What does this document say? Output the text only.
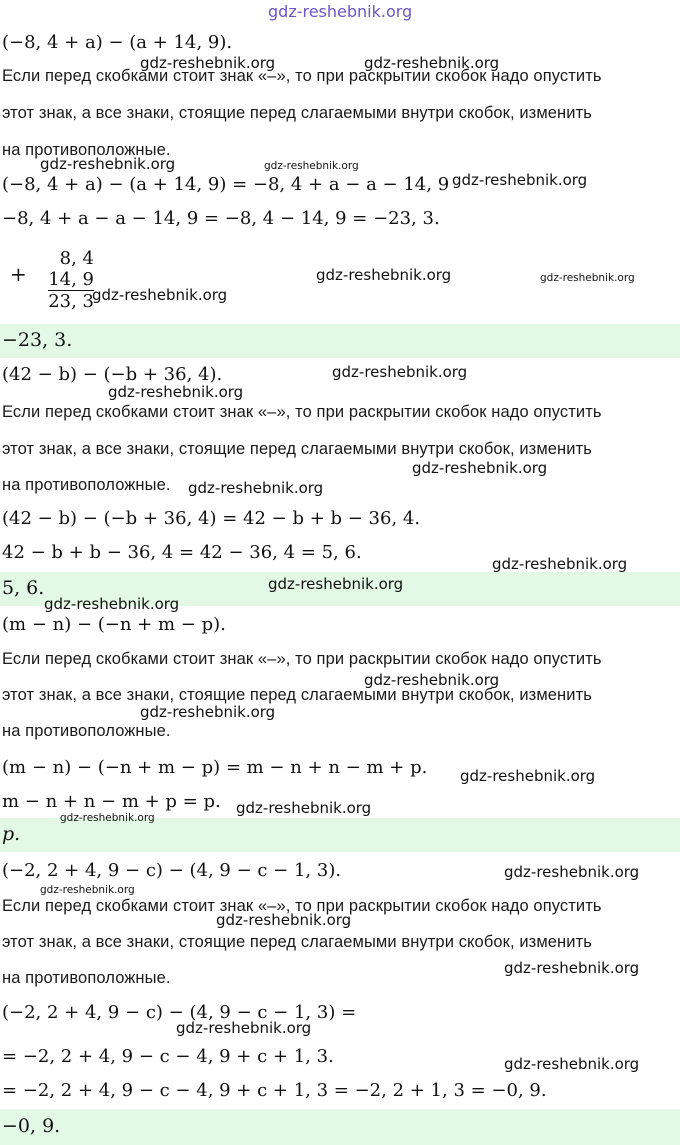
gdz-reshebnik.org
(−8, 4 + a) − (a + 14, 9).
Если перед скобками стоит знак «–», то при раскрытии скобок надо опустить
этот знак, а все знаки, стоящие перед слагаемыми внутри скобок, изменить
на противоположные.
(−8, 4 + a) − (a + 14, 9) = −8, 4 + a − a − 14, 9
−8, 4 + a − a − 14, 9 = −8, 4 − 14, 9 = −23, 3.
+
8, 4
14, 9
23, 3
−23, 3.
(42 − b) − (−b + 36, 4).
Если перед скобками стоит знак «–», то при раскрытии скобок надо опустить
этот знак, а все знаки, стоящие перед слагаемыми внутри скобок, изменить
на противоположные.
(42 − b) − (−b + 36, 4) = 42 − b + b − 36, 4.
42 − b + b − 36, 4 = 42 − 36, 4 = 5, 6.
5, 6.
(m − n) − (−n + m − p).
Если перед скобками стоит знак «–», то при раскрытии скобок надо опустить
этот знак, а все знаки, стоящие перед слагаемыми внутри скобок, изменить
на противоположные.
(m − n) − (−n + m − p) = m − n + n − m + p.
m − n + n − m + p = p.
p.
(−2, 2 + 4, 9 − c) − (4, 9 − c − 1, 3).
Если перед скобками стоит знак «–», то при раскрытии скобок надо опустить
этот знак, а все знаки, стоящие перед слагаемыми внутри скобок, изменить
на противоположные.
(−2, 2 + 4, 9 − c) − (4, 9 − c − 1, 3) =
= −2, 2 + 4, 9 − c − 4, 9 + c + 1, 3.
= −2, 2 + 4, 9 − c − 4, 9 + c + 1, 3 = −2, 2 + 1, 3 = −0, 9.
−0, 9.
gdz-reshebnik.org	gdz-reshebnik.org
gdz-reshebnik.org	gdz-reshebnik.org
gdz-reshebnik.org
gdz-reshebnik.org	gdz-reshebnik.org
gdz-reshebnik.org
gdz-reshebnik.org
gdz-reshebnik.org
gdz-reshebnik.org
gdz-reshebnik.org
gdz-reshebnik.org
gdz-reshebnik.org
gdz-reshebnik.org
gdz-reshebnik.org
gdz-reshebnik.org
gdz-reshebnik.org
gdz-reshebnik.org
gdz-reshebnik.org
gdz-reshebnik.org
gdz-reshebnik.org
gdz-reshebnik.org
gdz-reshebnik.org
gdz-reshebnik.org
gdz-reshebnik.org
